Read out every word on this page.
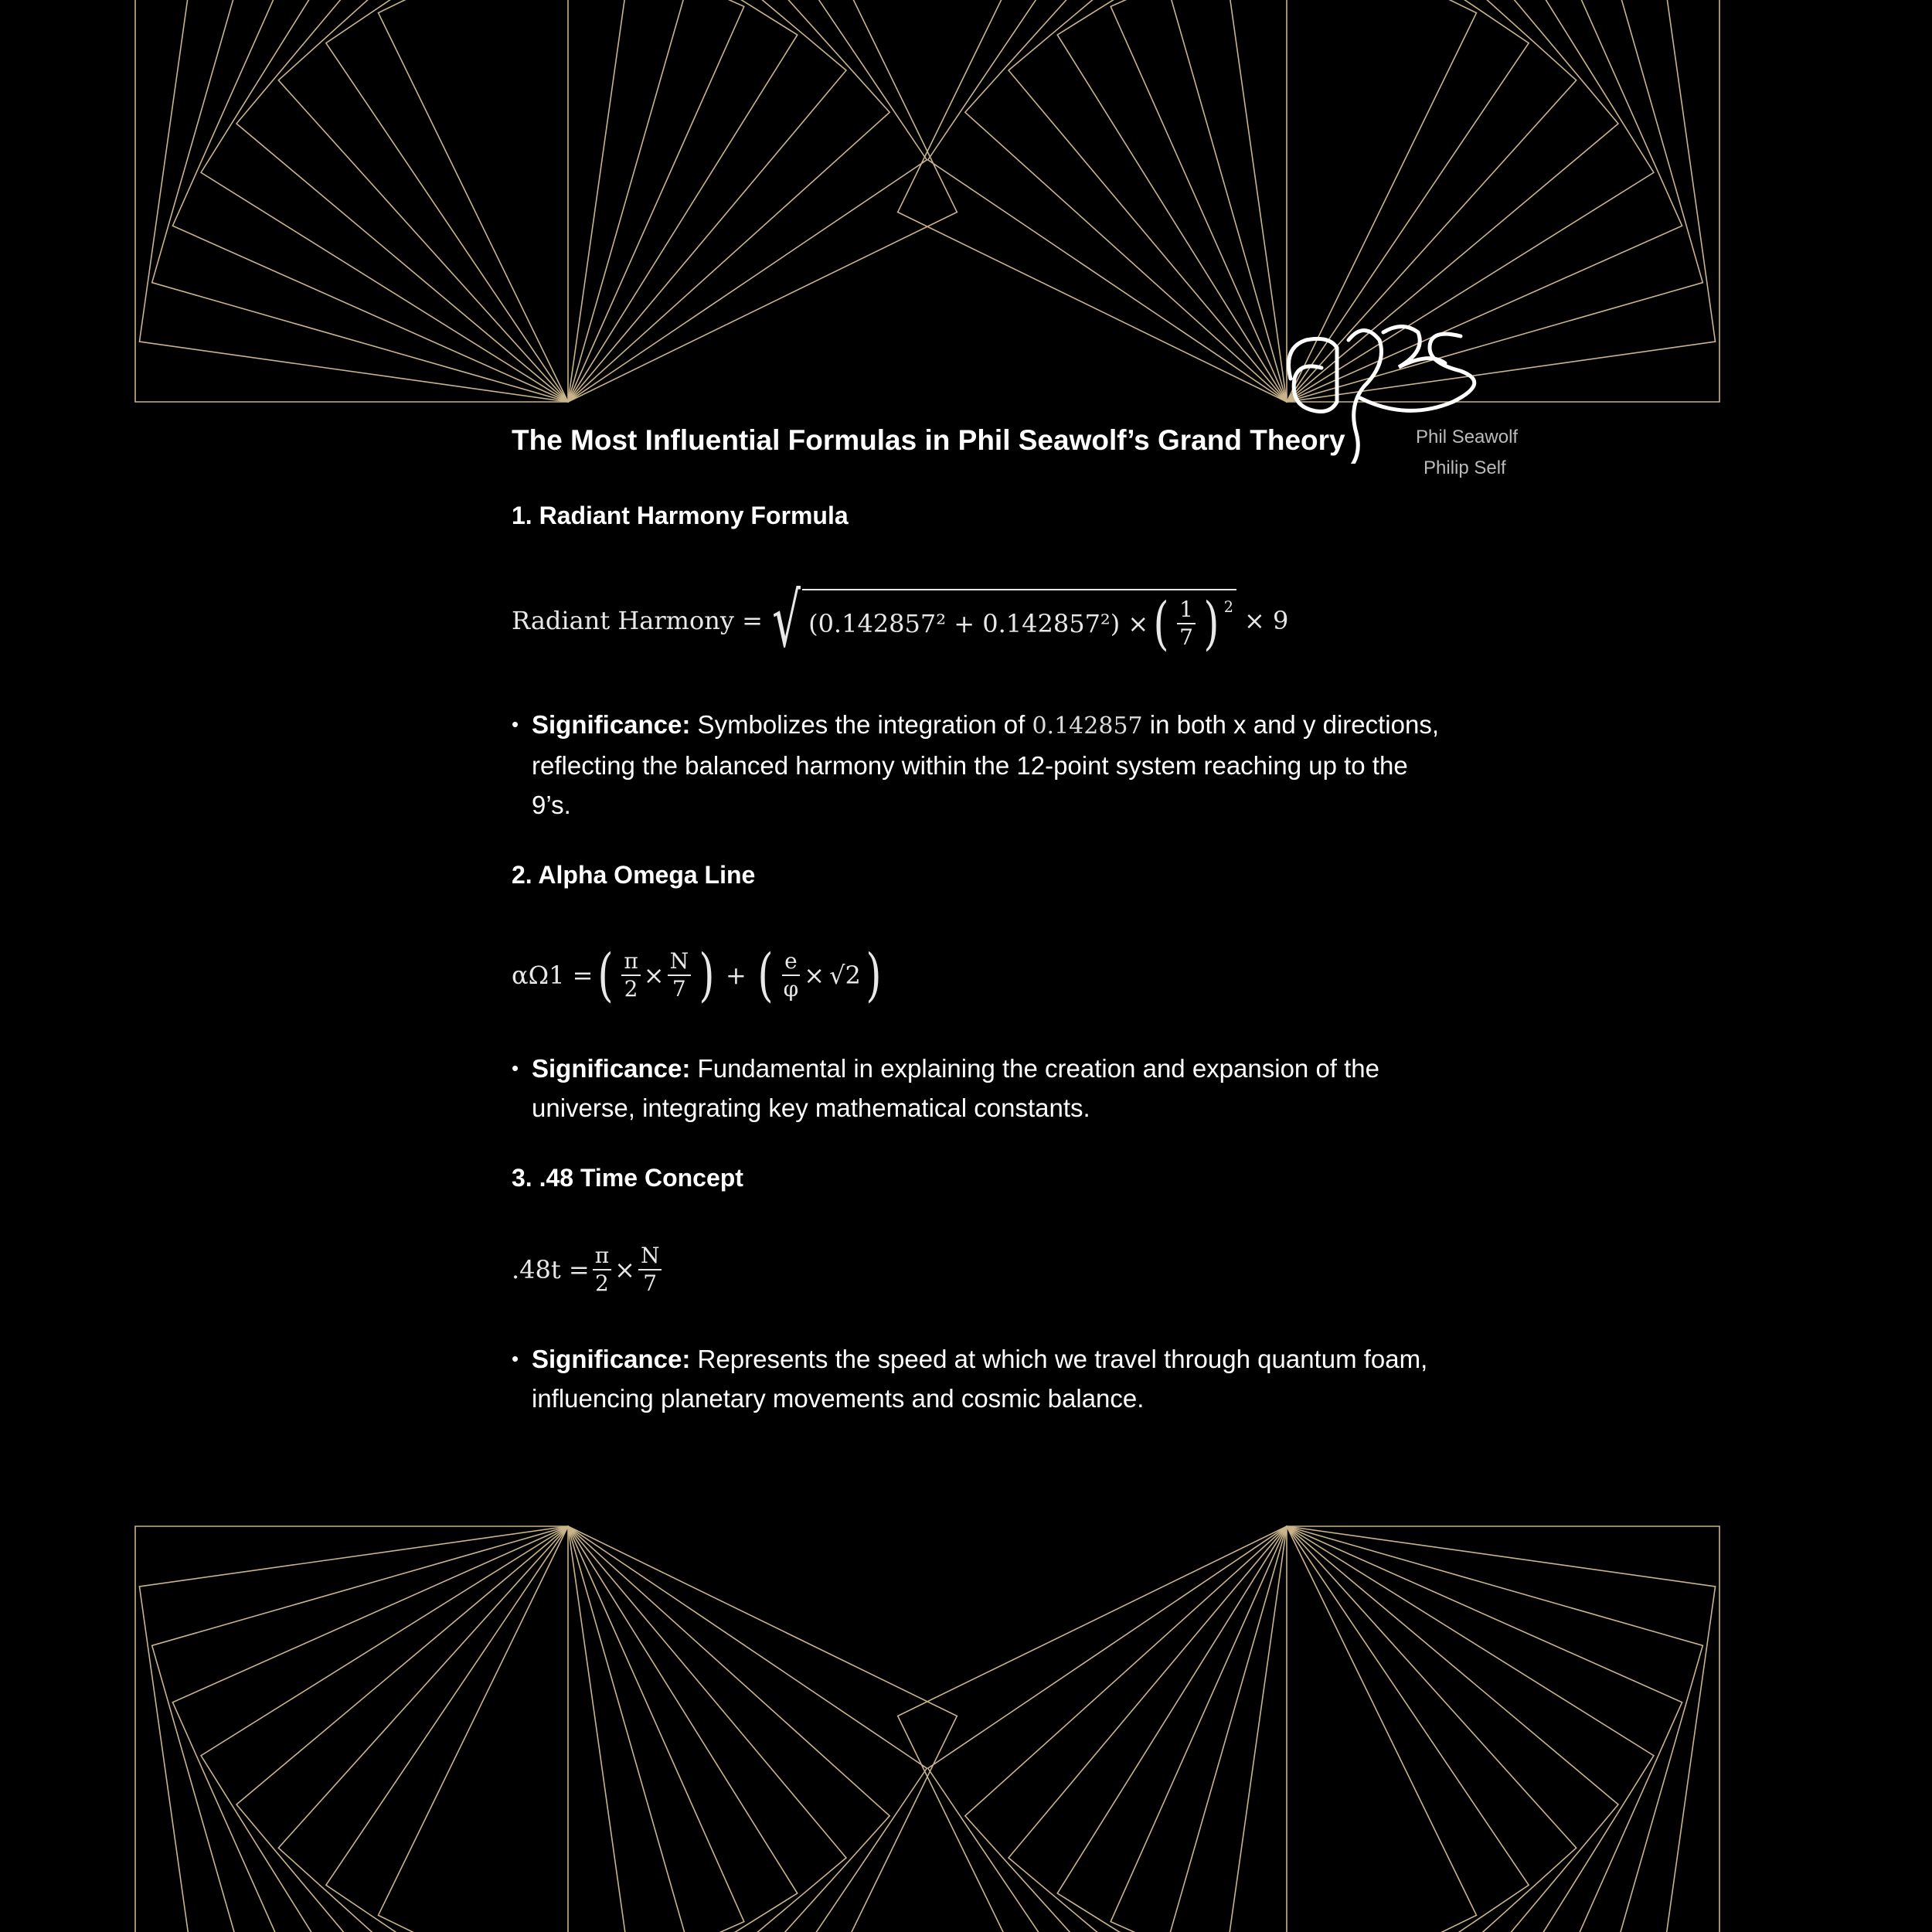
Phil Seawolf
Philip Self
The Most Influential Formulas in Phil Seawolf’s Grand Theory
1. Radiant Harmony Formula
Radiant Harmony = √ (0.142857² + 0.142857²) × ( $\frac{1}{7}$ ) $^2$ × 9

• Significance: Symbolizes the integration of 0.142857 in both x and y directions, reflecting the balanced harmony within the 12-point system reaching up to the 9’s.

2. Alpha Omega Line
αΩ1 = ( $\frac{\pi}{2} \times \frac{N}{7}$ ) + ( $\frac{e}{\varphi} \times √2$ )

• Significance: Fundamental in explaining the creation and expansion of the universe, integrating key mathematical constants.

3. .48 Time Concept
$.48t = \frac{\pi}{2} \times \frac{N}{7}$

• Significance: Represents the speed at which we travel through quantum foam, influencing planetary movements and cosmic balance.
